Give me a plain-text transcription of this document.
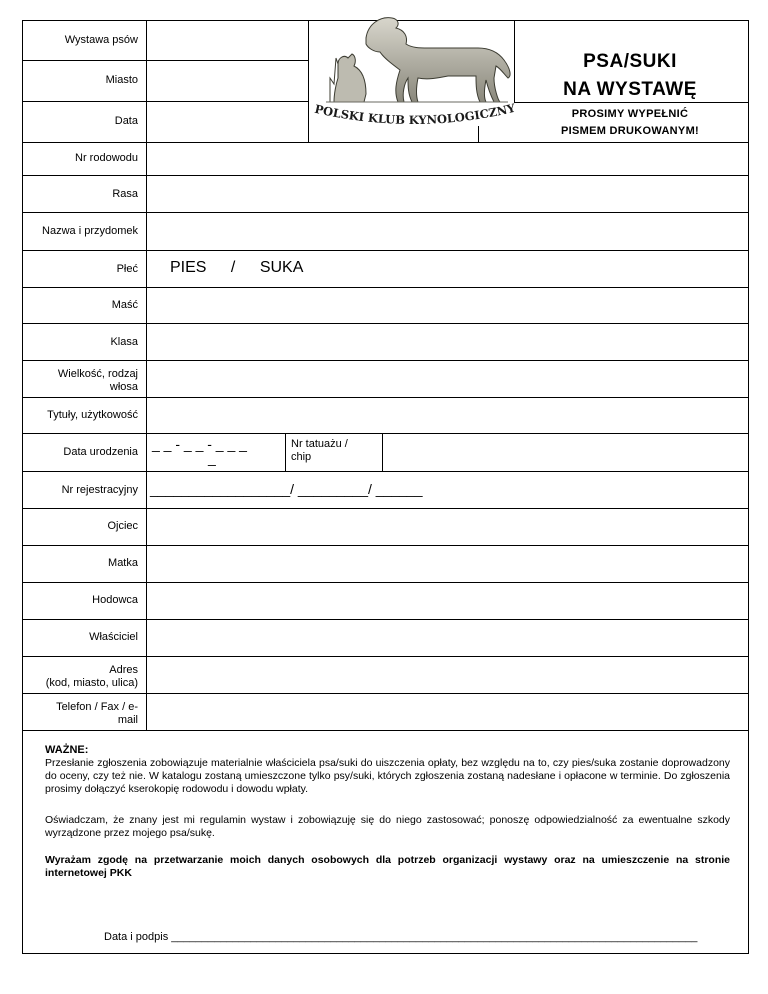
Wystawa psów
Miasto
Data
POLSKI KLUB KYNOLOGICZNY
PSA/SUKI
NA WYSTAWĘ
PROSIMY WYPEŁNIĆ
PISMEM DRUKOWANYM!
Nr rodowodu
Rasa
Nazwa i przydomek
Płeć
Maść
Klasa
Wielkość, rodzaj
włosa
Tytuły, użytkowość
Data urodzenia
Nr rejestracyjny
Ojciec
Matka
Hodowca
Właściciel
Adres
(kod, miasto, ulica)
Telefon / Fax / e-
mail
PIES / SUKA
_ _ - _ _ - _ _ _
_
Nr tatuażu /
chip
__________________/ _________/ ______
WAŻNE:
Przesłanie zgłoszenia zobowiązuje materialnie właściciela psa/suki do uiszczenia opłaty, bez względu na to, czy pies/suka zostanie doprowadzony do oceny, czy też nie. W katalogu zostaną umieszczone tylko psy/suki, których zgłoszenia zostaną nadesłane i opłacone w terminie. Do zgłoszenia prosimy dołączyć kserokopię rodowodu i dowodu wpłaty.
Oświadczam, że znany jest mi regulamin wystaw i zobowiązuję się do niego zastosować; ponoszę odpowiedzialność za ewentualne szkody wyrządzone przez mojego psa/sukę.
Wyrażam zgodę na przetwarzanie moich danych osobowych dla potrzeb organizacji wystawy oraz na umieszczenie na stronie internetowej PKK
Data i podpis ______________________________________________________________________________________
